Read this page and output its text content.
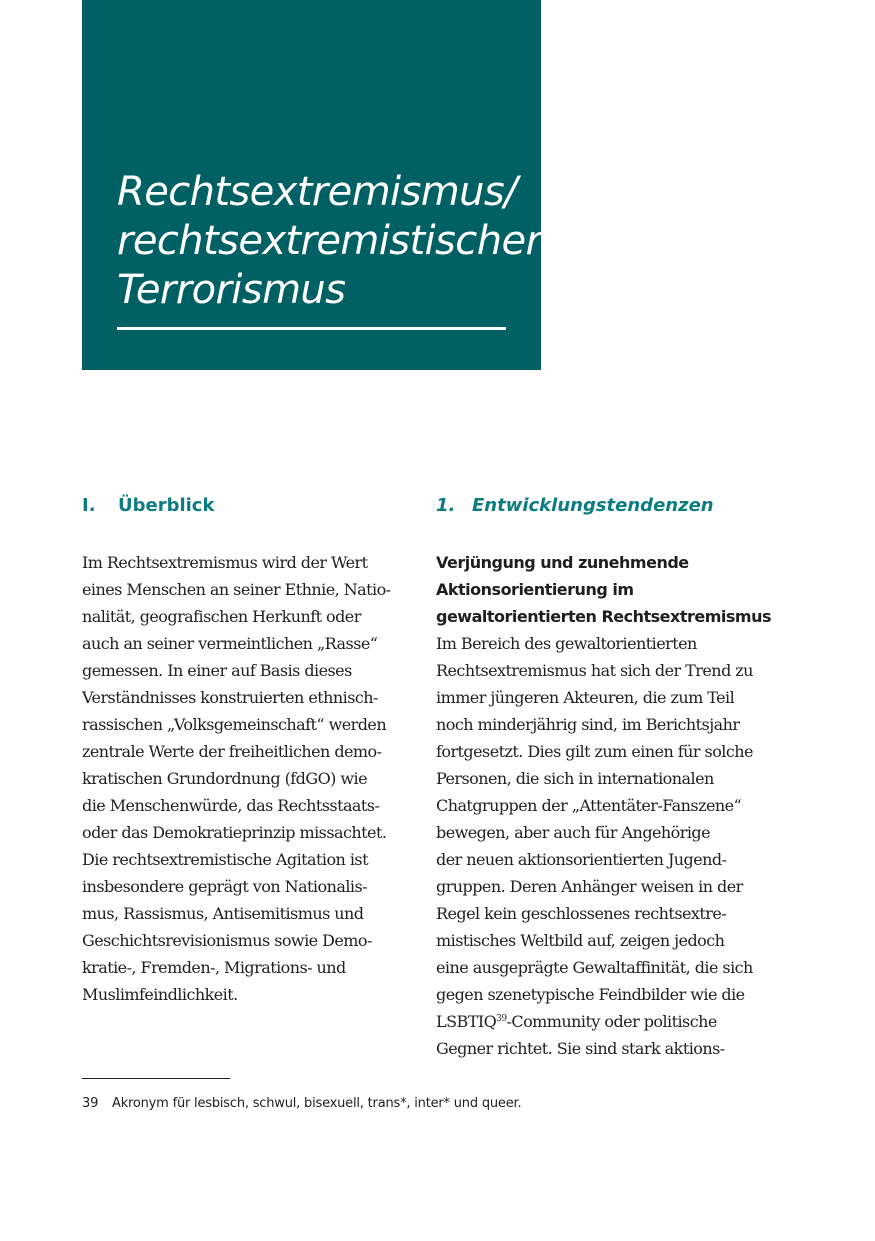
Rechtsextremismus/
rechtsextremistischer
Terrorismus
I. Überblick	1. Entwicklungstendenzen
Im Rechtsextremismus wird der Wert
eines Menschen an seiner Ethnie, Natio-
nalität, geografischen Herkunft oder
auch an seiner vermeintlichen „Rasse“
gemessen. In einer auf Basis dieses
Verständnisses konstruierten ethnisch-
rassischen „Volksgemeinschaft“ werden
zentrale Werte der freiheitlichen demo-
kratischen Grundordnung (fdGO) wie
die Menschenwürde, das Rechtsstaats-
oder das Demokratieprinzip missachtet.
Die rechtsextremistische Agitation ist
insbesondere geprägt von Nationalis-
mus, Rassismus, Antisemitismus und
Geschichtsrevisionismus sowie Demo-
kratie-, Fremden-, Migrations- und
Muslimfeindlichkeit.
Verjüngung und zunehmende
Aktionsorientierung im
gewaltorientierten Rechtsextremismus
Im Bereich des gewaltorientierten
Rechtsextremismus hat sich der Trend zu
immer jüngeren Akteuren, die zum Teil
noch minderjährig sind, im Berichtsjahr
fortgesetzt. Dies gilt zum einen für solche
Personen, die sich in internationalen
Chatgruppen der „Attentäter-Fanszene“
bewegen, aber auch für Angehörige
der neuen aktionsorientierten Jugend-
gruppen. Deren Anhänger weisen in der
Regel kein geschlossenes rechtsextre-
mistisches Weltbild auf, zeigen jedoch
eine ausgeprägte Gewaltaffinität, die sich
gegen szenetypische Feindbilder wie die
LSBTIQ$^{39}$-Community oder politische
Gegner richtet. Sie sind stark aktions-

39 Akronym für lesbisch, schwul, bisexuell, trans*, inter* und queer.
